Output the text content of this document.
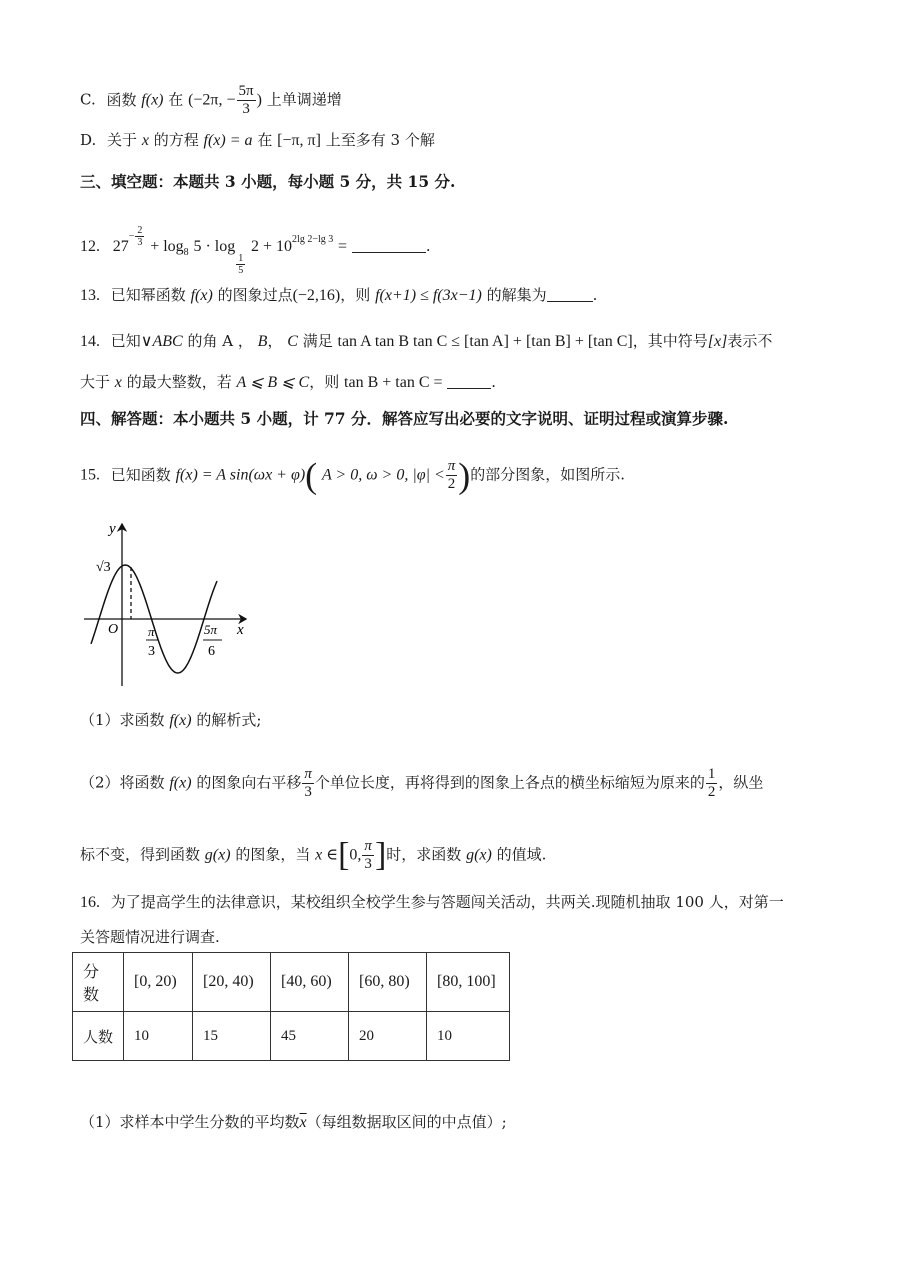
C. 函数 f(x) 在 (−2π, − $\frac{5\pi}{3}$ ) 上单调递增
D. 关于 x 的方程 f(x) = a 在 [−π, π] 上至多有 3 个解
三、填空题：本题共 3 小题，每小题 5 分，共 15 分.
12. $27- \frac{2}{3} + \log_8 5 \cdot \log$
$\frac{1}{5}$
$2 + 10^{2lg 2-lg 3}$ =	.
13. 已知幂函数 f(x) 的图象过点(−2,16)，则 f(x+1) ≤ f(3x−1) 的解集为	.
14. 已知∨ABC 的角 A ， B， C 满足 tan A tan B tan C ≤ [tan A] + [tan B] + [tan C]，其中符号[x]表示不
大于 x 的最大整数，若 A ⩽ B ⩽ C，则 tan B + tan C =	.
四、解答题：本小题共 5 小题，计 77 分．解答应写出必要的文字说明、证明过程或演算步骤.
15. 已知函数 f(x) = A sin(ωx + φ)( A > 0, ω > 0, $|\varphi| < \frac{\pi}{2}$ )的部分图象，如图所示.
y
x
O
√3
π
3
5π
6
（1）求函数 f(x) 的解析式;
（2）将函数 f(x) 的图象向右平移 $\frac{\pi}{3}$ 个单位长度，再将得到的图象上各点的横坐标缩短为原来的 $\frac{1}{2}$ ，纵坐
标不变，得到函数 g(x) 的图象，当 x ∈[0, $\frac{\pi}{3}$ ]时，求函数 g(x) 的值域.
16. 为了提高学生的法律意识，某校组织全校学生参与答题闯关活动，共两关.现随机抽取 100 人，对第一
关答题情况进行调查.
分数	[0, 20)	[20, 40)	[40, 60)	[60, 80)	[80, 100]
人数	10	15	45	20	10
（1）求样本中学生分数的平均数$\overline{x}$（每组数据取区间的中点值）;
